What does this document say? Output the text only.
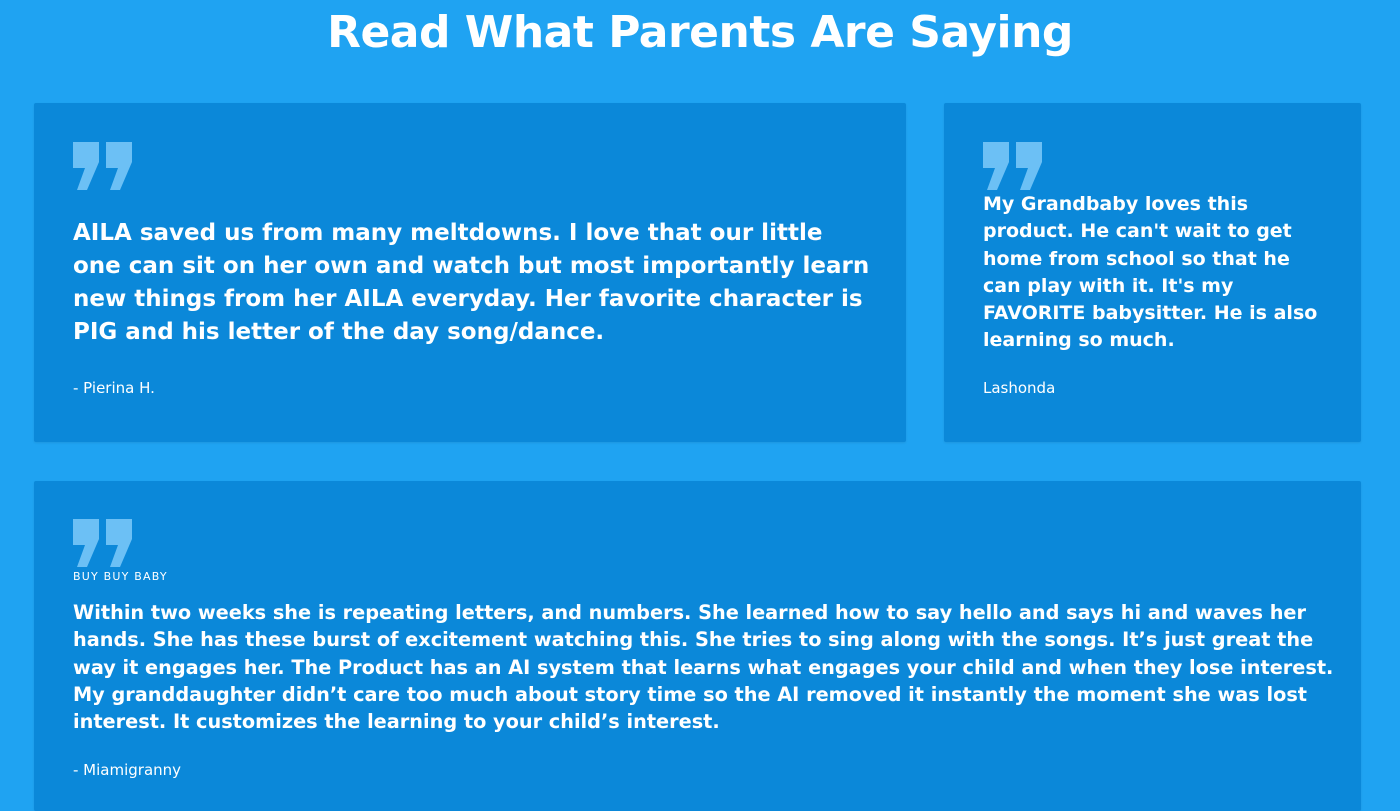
Read What Parents Are Saying

AILA saved us from many meltdowns. I love that our little one can sit on her own and watch but most importantly learn new things from her AILA everyday. Her favorite character is PIG and his letter of the day song/dance.

- Pierina H.

My Grandbaby loves this product. He can't wait to get home from school so that he can play with it. It's my FAVORITE babysitter. He is also learning so much.

Lashonda
BUY BUY BABY

Within two weeks she is repeating letters, and numbers. She learned how to say hello and says hi and waves her hands. She has these burst of excitement watching this. She tries to sing along with the songs. It’s just great the way it engages her. The Product has an AI system that learns what engages your child and when they lose interest. My granddaughter didn’t care too much about story time so the AI removed it instantly the moment she was lost interest. It customizes the learning to your child’s interest.

- Miamigranny
